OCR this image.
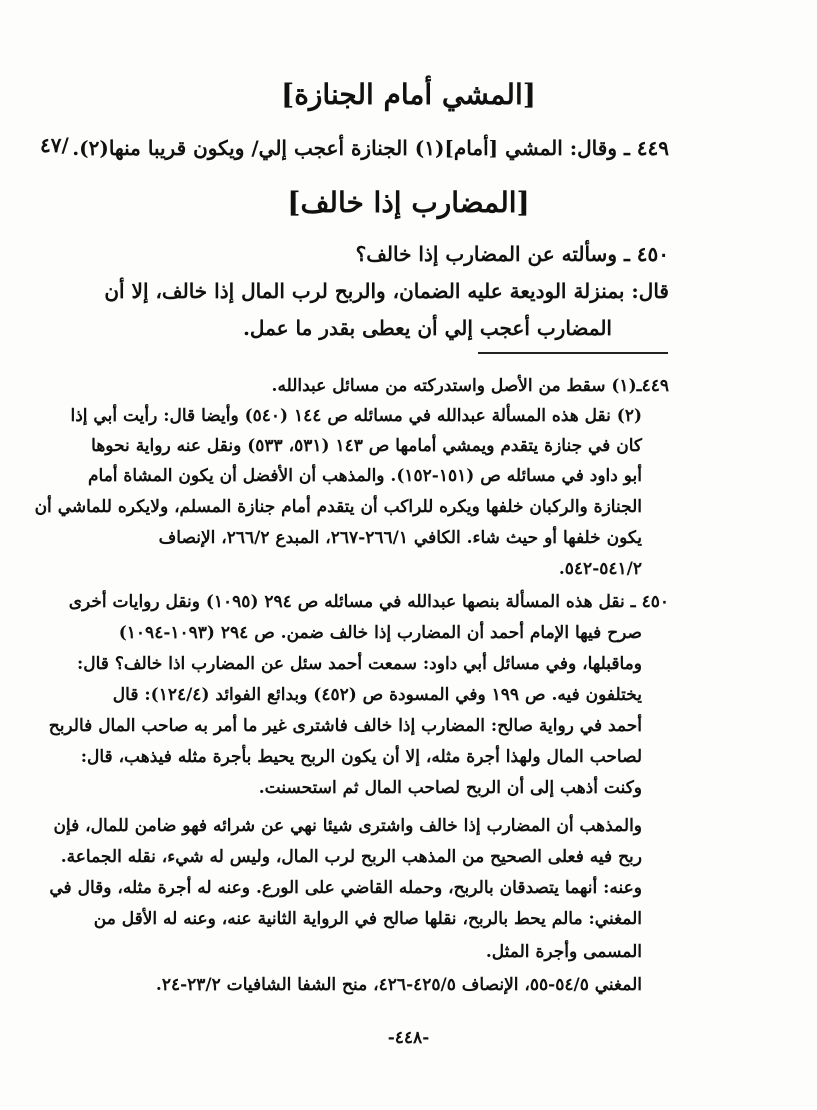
/٤٧
[المشي أمام الجنازة]
٤٤٩ ـ وقال: المشي [أمام](١) الجنازة أعجب إلي/ ويكون قريبا منها(٢).
[المضارب إذا خالف]
٤٥٠ ـ وسألته عن المضارب إذا خالف؟
قال: بمنزلة الوديعة عليه الضمان، والربح لرب المال إذا خالف، إلا أن
المضارب أعجب إلي أن يعطى بقدر ما عمل.
٤٤٩ـ(١) سقط من الأصل واستدركته من مسائل عبدالله.
(٢) نقل هذه المسألة عبدالله في مسائله ص ١٤٤ (٥٤٠) وأيضا قال: رأيت أبي إذا
كان في جنازة يتقدم ويمشي أمامها ص ١٤٣ (٥٣١، ٥٣٣) ونقل عنه رواية نحوها
أبو داود في مسائله ص (١٥١-١٥٢). والمذهب أن الأفضل أن يكون المشاة أمام
الجنازة والركبان خلفها ويكره للراكب أن يتقدم أمام جنازة المسلم، ولايكره للماشي أن
يكون خلفها أو حيث شاء. الكافي ٢٦٦/١-٢٦٧، المبدع ٢٦٦/٢، الإنصاف
٥٤١/٢-٥٤٢.
٤٥٠ ـ نقل هذه المسألة بنصها عبدالله في مسائله ص ٢٩٤ (١٠٩٥) ونقل روايات أخرى
صرح فيها الإمام أحمد أن المضارب إذا خالف ضمن. ص ٢٩٤ (١٠٩٣-١٠٩٤)
وماقبلها، وفي مسائل أبي داود: سمعت أحمد سئل عن المضارب اذا خالف؟ قال:
يختلفون فيه. ص ١٩٩ وفي المسودة ص (٤٥٢) وبدائع الفوائد (١٢٤/٤): قال
أحمد في رواية صالح: المضارب إذا خالف فاشترى غير ما أمر به صاحب المال فالربح
لصاحب المال ولهذا أجرة مثله، إلا أن يكون الربح يحيط بأجرة مثله فيذهب، قال:
وكنت أذهب إلى أن الربح لصاحب المال ثم استحسنت.
والمذهب أن المضارب إذا خالف واشترى شيئا نهي عن شرائه فهو ضامن للمال، فإن
ربح فيه فعلى الصحيح من المذهب الربح لرب المال، وليس له شيء، نقله الجماعة.
وعنه: أنهما يتصدقان بالربح، وحمله القاضي على الورع. وعنه له أجرة مثله، وقال في
المغني: مالم يحط بالربح، نقلها صالح في الرواية الثانية عنه، وعنه له الأقل من
المسمى وأجرة المثل.
المغني ٥٤/٥-٥٥، الإنصاف ٤٢٥/٥-٤٢٦، منح الشفا الشافيات ٢٣/٢-٢٤.
-٤٤٨-
